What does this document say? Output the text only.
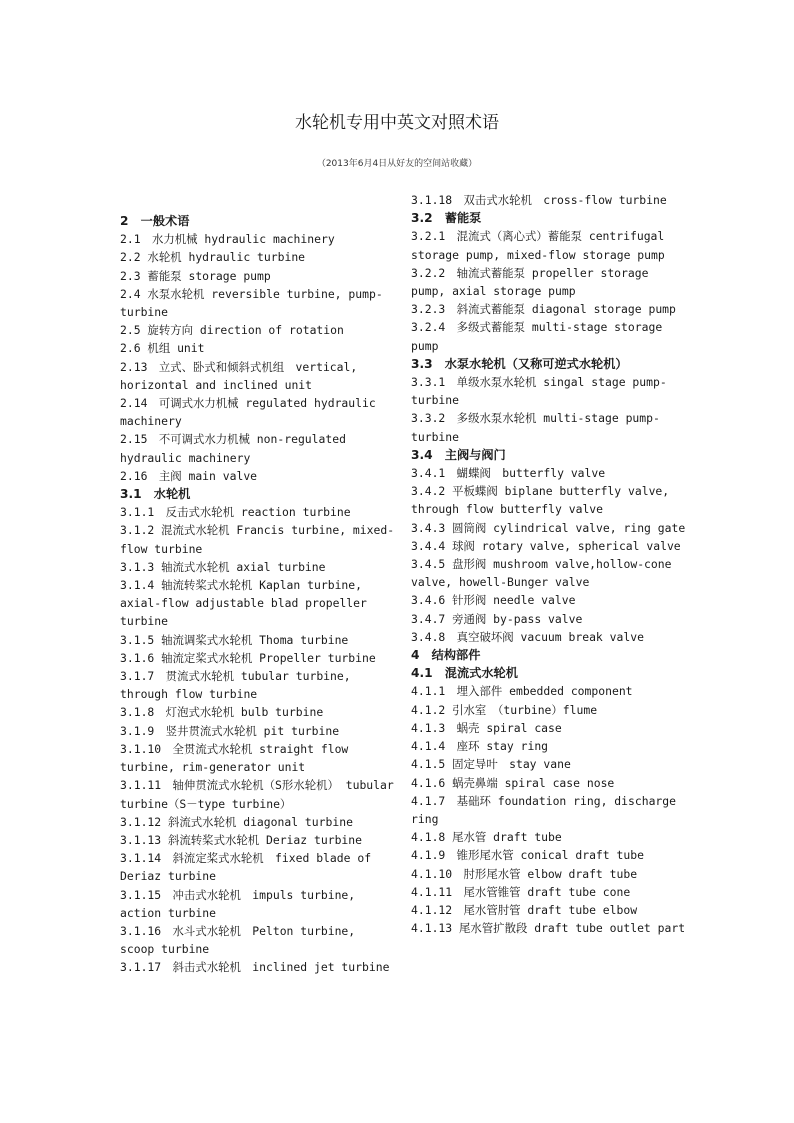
水轮机专用中英文对照术语
（2013年6月4日从好友的空间站收藏）
2　一般术语
2.1　水力机械 hydraulic machinery
2.2 水轮机 hydraulic turbine
2.3 蓄能泵 storage pump
2.4 水泵水轮机 reversible turbine, pump-turbine
2.5 旋转方向 direction of rotation
2.6 机组 unit
2.13　立式、卧式和倾斜式机组　vertical, horizontal and inclined unit
2.14　可调式水力机械 regulated hydraulic machinery
2.15　不可调式水力机械 non-regulated hydraulic machinery
2.16　主阀 main valve
3.1　水轮机
3.1.1　反击式水轮机 reaction turbine
3.1.2 混流式水轮机 Francis turbine, mixed-flow turbine
3.1.3 轴流式水轮机 axial turbine
3.1.4 轴流转桨式水轮机 Kaplan turbine, axial-flow adjustable blad propeller turbine
3.1.5 轴流调桨式水轮机 Thoma turbine
3.1.6 轴流定桨式水轮机 Propeller turbine
3.1.7　贯流式水轮机 tubular turbine, through flow turbine
3.1.8　灯泡式水轮机 bulb turbine
3.1.9　竖井贯流式水轮机 pit turbine
3.1.10　全贯流式水轮机 straight flow turbine, rim-generator unit
3.1.11　轴伸贯流式水轮机（S形水轮机） tubular　turbine（S－type turbine）
3.1.12 斜流式水轮机 diagonal turbine
3.1.13 斜流转桨式水轮机 Deriaz turbine
3.1.14　斜流定桨式水轮机　fixed blade of Deriaz turbine
3.1.15　冲击式水轮机　impuls turbine, action turbine
3.1.16　水斗式水轮机　Pelton turbine, scoop turbine
3.1.17　斜击式水轮机　inclined jet turbine
3.1.18　双击式水轮机　cross-flow turbine
3.2　蓄能泵
3.2.1　混流式（离心式）蓄能泵 centrifugal storage pump, mixed-flow storage pump
3.2.2　轴流式蓄能泵 propeller storage pump, axial storage pump
3.2.3　斜流式蓄能泵 diagonal storage pump
3.2.4　多级式蓄能泵 multi-stage storage pump
3.3　水泵水轮机（又称可逆式水轮机）
3.3.1　单级水泵水轮机 singal stage pump-turbine
3.3.2　多级水泵水轮机 multi-stage pump-turbine
3.4　主阀与阀门
3.4.1　蝴蝶阀　butterfly valve
3.4.2 平板蝶阀 biplane butterfly valve, through flow butterfly valve
3.4.3 圆筒阀 cylindrical valve, ring gate
3.4.4 球阀 rotary valve, spherical valve
3.4.5 盘形阀 mushroom valve,hollow-cone valve, howell-Bunger valve
3.4.6 针形阀 needle valve
3.4.7 旁通阀 by-pass valve
3.4.8　真空破坏阀 vacuum break valve
4　结构部件
4.1　混流式水轮机
4.1.1　埋入部件 embedded component
4.1.2 引水室　（turbine）flume
4.1.3　蜗壳 spiral case
4.1.4　座环 stay ring
4.1.5 固定导叶　stay vane
4.1.6 蜗壳鼻端 spiral case nose
4.1.7　基础环 foundation ring, discharge ring
4.1.8 尾水管 draft tube
4.1.9　锥形尾水管 conical draft tube
4.1.10　肘形尾水管 elbow draft tube
4.1.11　尾水管锥管 draft tube cone
4.1.12　尾水管肘管 draft tube elbow
4.1.13 尾水管扩散段 draft tube outlet part
